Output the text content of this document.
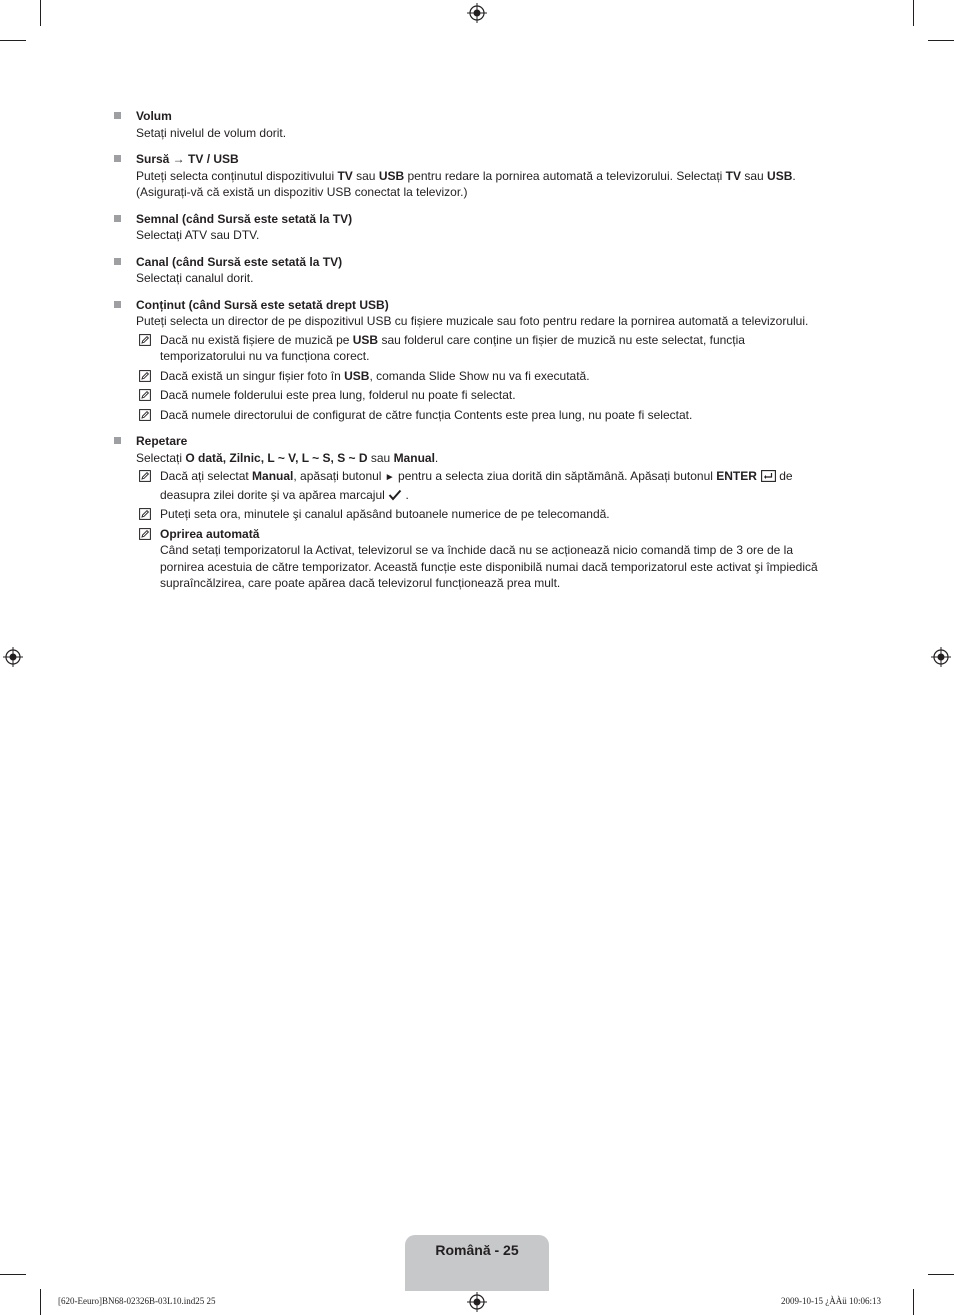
Volum
Setați nivelul de volum dorit.
Sursă → TV / USB
Puteți selecta conținutul dispozitivului TV sau USB pentru redare la pornirea automată a televizorului. Selectați TV sau USB.
(Asigurați-vă că există un dispozitiv USB conectat la televizor.)
Semnal (când Sursă este setată la TV)
Selectați ATV sau DTV.
Canal (când Sursă este setată la TV)
Selectați canalul dorit.
Conținut (când Sursă este setată drept USB)
Puteți selecta un director de pe dispozitivul USB cu fișiere muzicale sau foto pentru redare la pornirea automată a televizorului.
Dacă nu există fișiere de muzică pe USB sau folderul care conține un fișier de muzică nu este selectat, funcția
temporizatorului nu va funcționa corect.
Dacă există un singur fișier foto în USB, comanda Slide Show nu va fi executată.
Dacă numele folderului este prea lung, folderul nu poate fi selectat.
Dacă numele directorului de configurat de către funcția Contents este prea lung, nu poate fi selectat.
Repetare
Selectați O dată, Zilnic, L ~ V, L ~ S, S ~ D sau Manual.
Dacă ați selectat Manual, apăsați butonul ► pentru a selecta ziua dorită din săptămână. Apăsați butonul ENTER de
deasupra zilei dorite şi va apărea marcajul  .
Puteți seta ora, minutele şi canalul apăsând butoanele numerice de pe telecomandă.
Oprirea automată
Când setați temporizatorul la Activat, televizorul se va închide dacă nu se acționează nicio comandă timp de 3 ore de la
pornirea acestuia de către temporizator. Această funcție este disponibilă numai dacă temporizatorul este activat şi împiedică
supraîncălzirea, care poate apărea dacă televizorul funcționează prea mult.
Română - 25
[620-Eeuro]BN68-02326B-03L10.ind25 25	2009-10-15 ¿ÀÀü 10:06:13
